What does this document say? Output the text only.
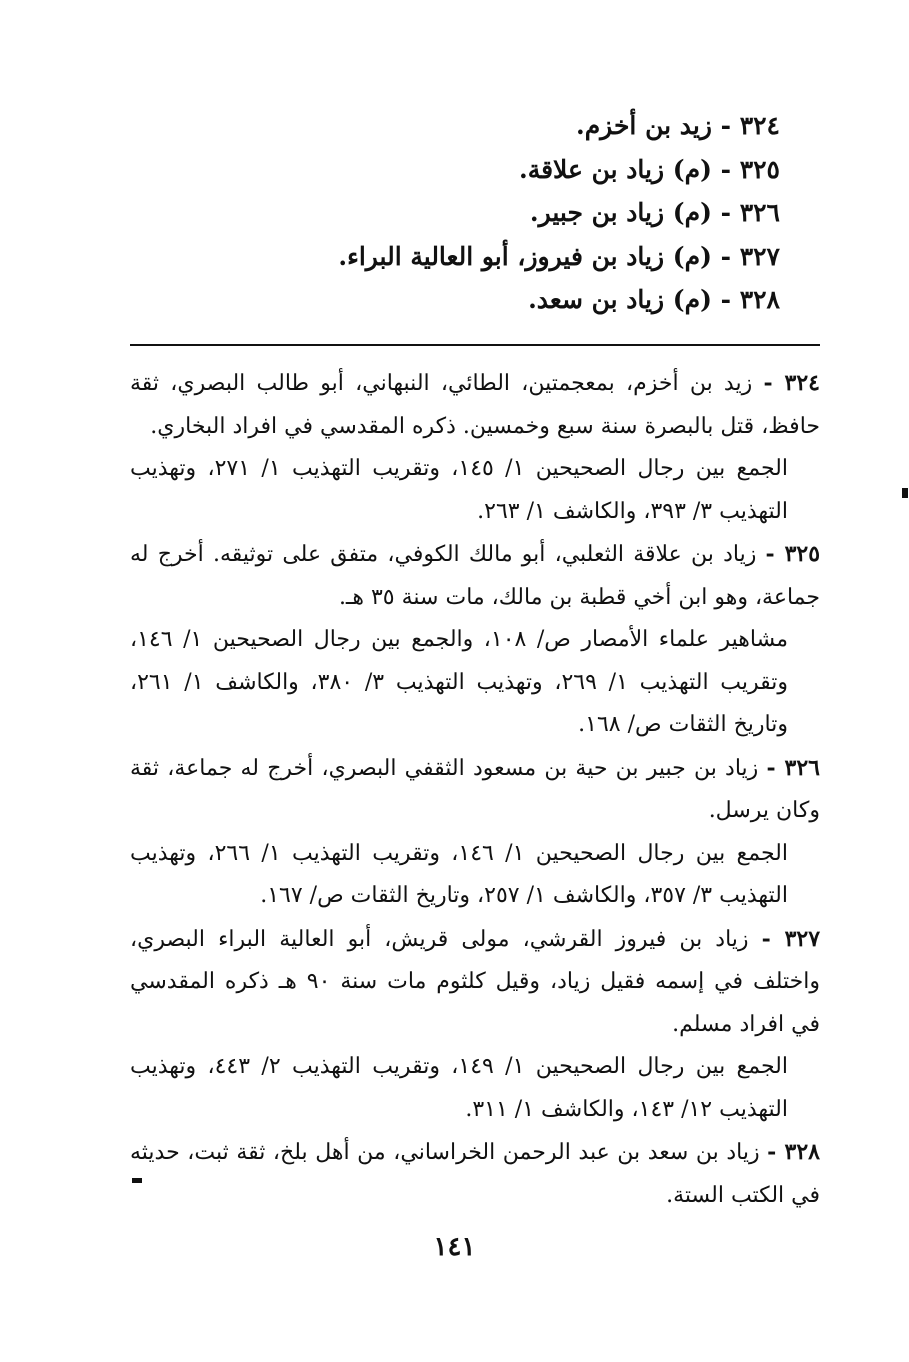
٣٢٤ - زيد بن أخزم.
٣٢٥ - (م) زياد بن علاقة.
٣٢٦ - (م) زياد بن جبير.
٣٢٧ - (م) زياد بن فيروز، أبو العالية البراء.
٣٢٨ - (م) زياد بن سعد.
٣٢٤ - زيد بن أخزم، بمعجمتين، الطائي، النبهاني، أبو طالب البصري، ثقة حافظ، قتل بالبصرة سنة سبع وخمسين. ذكره المقدسي في افراد البخاري.
الجمع بين رجال الصحيحين ١/ ١٤٥، وتقريب التهذيب ١/ ٢٧١، وتهذيب التهذيب ٣/ ٣٩٣، والكاشف ١/ ٢٦٣.
٣٢٥ - زياد بن علاقة الثعلبي، أبو مالك الكوفي، متفق على توثيقه. أخرج له جماعة، وهو ابن أخي قطبة بن مالك، مات سنة ٣٥ هـ.
مشاهير علماء الأمصار ص/ ١٠٨، والجمع بين رجال الصحيحين ١/ ١٤٦، وتقريب التهذيب ١/ ٢٦٩، وتهذيب التهذيب ٣/ ٣٨٠، والكاشف ١/ ٢٦١، وتاريخ الثقات ص/ ١٦٨.
٣٢٦ - زياد بن جبير بن حية بن مسعود الثقفي البصري، أخرج له جماعة، ثقة وكان يرسل.
الجمع بين رجال الصحيحين ١/ ١٤٦، وتقريب التهذيب ١/ ٢٦٦، وتهذيب التهذيب ٣/ ٣٥٧، والكاشف ١/ ٢٥٧، وتاريخ الثقات ص/ ١٦٧.
٣٢٧ - زياد بن فيروز القرشي، مولى قريش، أبو العالية البراء البصري، واختلف في إسمه فقيل زياد، وقيل كلثوم مات سنة ٩٠ هـ ذكره المقدسي في افراد مسلم.
الجمع بين رجال الصحيحين ١/ ١٤٩، وتقريب التهذيب ٢/ ٤٤٣، وتهذيب التهذيب ١٢/ ١٤٣، والكاشف ١/ ٣١١.
٣٢٨ - زياد بن سعد بن عبد الرحمن الخراساني، من أهل بلخ، ثقة ثبت، حديثه في الكتب الستة.
١٤١
